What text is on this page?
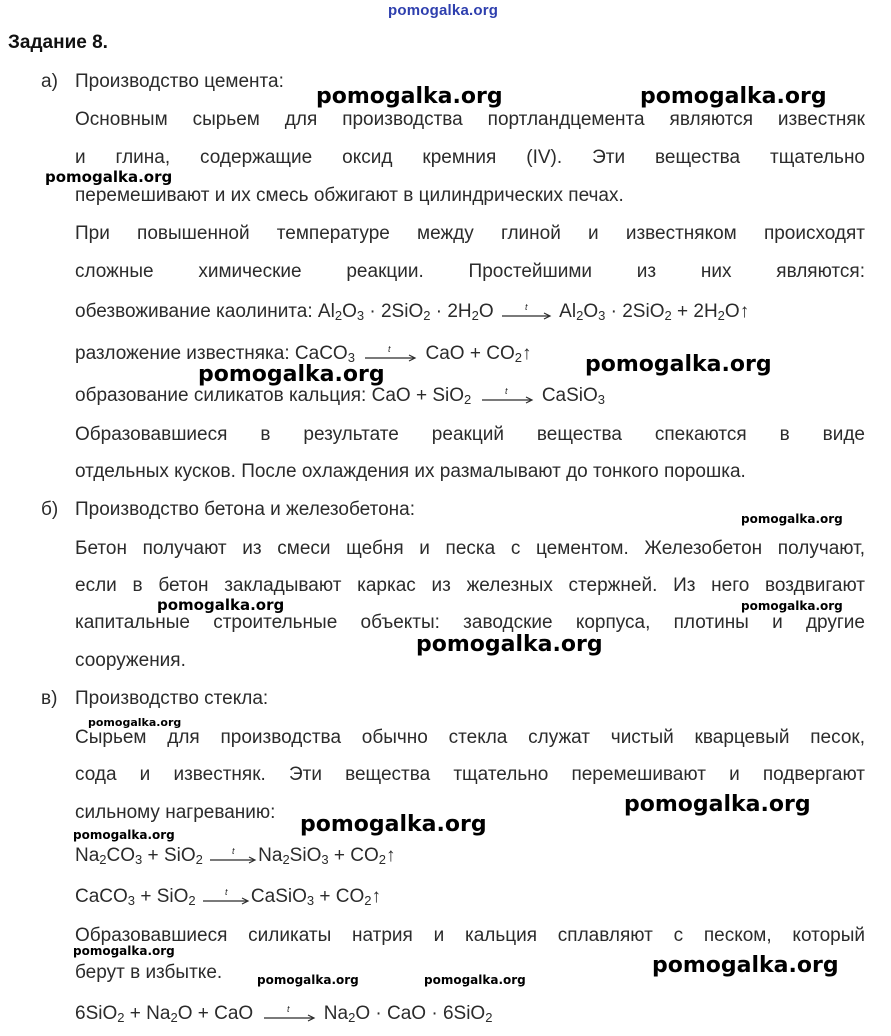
pomogalka.org
Задание 8.
а) Производство цемента:
Основным сырьем для производства портландцемента являются известняк
и глина, содержащие оксид кремния (IV). Эти вещества тщательно
перемешивают и их смесь обжигают в цилиндрических печах.
При повышенной температуре между глиной и известняком происходят
сложные химические реакции. Простейшими из них являются:
обезвоживание каолинита: $Al_2O_3 \cdot 2SiO_2 \cdot 2H_2O$	t $Al_2O_3 \cdot 2SiO_2$ + $2H_2O↑$
разложение известняка: CaCO$_3$
t CaO + $CO_2↑$
образование силикатов кальция: CaO + SiO$_2$
t CaSiO$_3$
Образовавшиеся в результате реакций вещества спекаются в виде
отдельных кусков. После охлаждения их размалывают до тонкого порошка.
б) Производство бетона и железобетона:
Бетон получают из смеси щебня и песка с цементом. Железобетон получают,
если в бетон закладывают каркас из железных стержней. Из него воздвигают
капитальные строительные объекты: заводские корпуса, плотины и другие
сооружения.
в) Производство стекла:
Сырьем для производства обычно стекла служат чистый кварцевый песок,
сода и известняк. Эти вещества тщательно перемешивают и подвергают
сильному нагреванию:
$Na_2CO_3 + SiO_2$
t $Na_2SiO_3$ + $CO_2↑$
CaCO$_3$ + SiO$_2$
t CaSiO$_3$ + $CO_2↑$
Образовавшиеся силикаты натрия и кальция сплавляют с песком, который
берут в избытке.
$6SiO_2 + Na_2O$ + CaO	t $Na_2O$ · CaO · 6SiO$_2$
pomogalka.org	pomogalka.org
pomogalka.org
pomogalka.org
pomogalka.org
pomogalka.org
pomogalka.org	pomogalka.org
pomogalka.org
pomogalka.org
pomogalka.org
pomogalka.org
pomogalka.org
pomogalka.org
pomogalka.org
pomogalka.org	pomogalka.org
